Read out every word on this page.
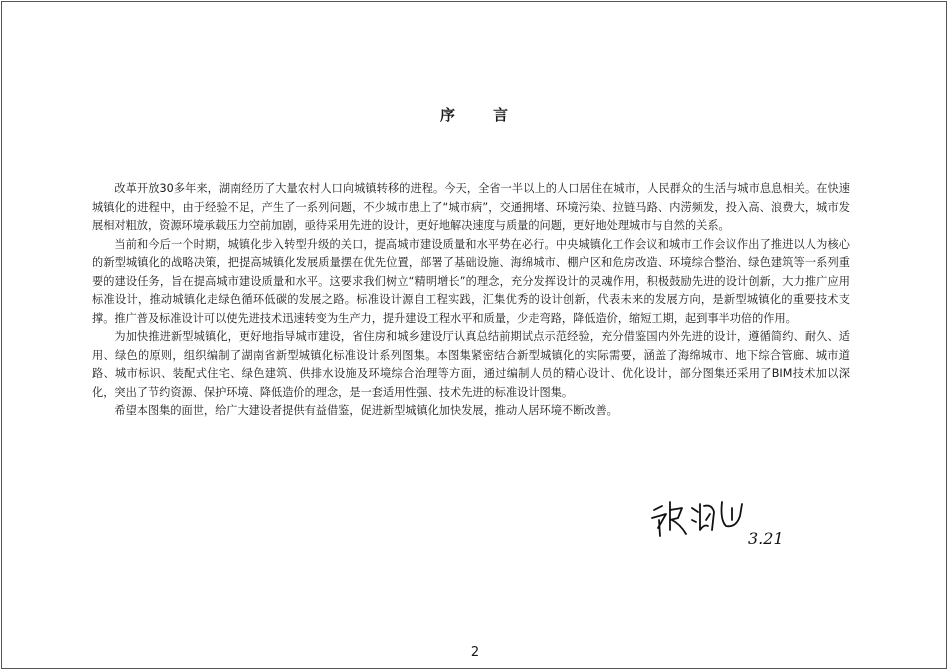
序 言

改革开放30多年来，湖南经历了大量农村人口向城镇转移的进程。今天，全省一半以上的人口居住在城市，人民群众的生活与城市息息相关。在快速城镇化的进程中，由于经验不足，产生了一系列问题，不少城市患上了“城市病”，交通拥堵、环境污染、拉链马路、内涝频发，投入高、浪费大，城市发展相对粗放，资源环境承载压力空前加剧，亟待采用先进的设计，更好地解决速度与质量的问题，更好地处理城市与自然的关系。

当前和今后一个时期，城镇化步入转型升级的关口，提高城市建设质量和水平势在必行。中央城镇化工作会议和城市工作会议作出了推进以人为核心的新型城镇化的战略决策，把提高城镇化发展质量摆在优先位置，部署了基础设施、海绵城市、棚户区和危房改造、环境综合整治、绿色建筑等一系列重要的建设任务，旨在提高城市建设质量和水平。这要求我们树立“精明增长”的理念，充分发挥设计的灵魂作用，积极鼓励先进的设计创新，大力推广应用标准设计，推动城镇化走绿色循环低碳的发展之路。标准设计源自工程实践，汇集优秀的设计创新，代表未来的发展方向，是新型城镇化的重要技术支撑。推广普及标准设计可以使先进技术迅速转变为生产力，提升建设工程水平和质量，少走弯路，降低造价，缩短工期，起到事半功倍的作用。

为加快推进新型城镇化，更好地指导城市建设，省住房和城乡建设厅认真总结前期试点示范经验，充分借鉴国内外先进的设计，遵循简约、耐久、适用、绿色的原则，组织编制了湖南省新型城镇化标准设计系列图集。本图集紧密结合新型城镇化的实际需要，涵盖了海绵城市、地下综合管廊、城市道路、城市标识、装配式住宅、绿色建筑、供排水设施及环境综合治理等方面，通过编制人员的精心设计、优化设计，部分图集还采用了BIM技术加以深化，突出了节约资源、保护环境、降低造价的理念，是一套适用性强、技术先进的标准设计图集。

希望本图集的面世，给广大建设者提供有益借鉴，促进新型城镇化加快发展，推动人居环境不断改善。

3.21
2
